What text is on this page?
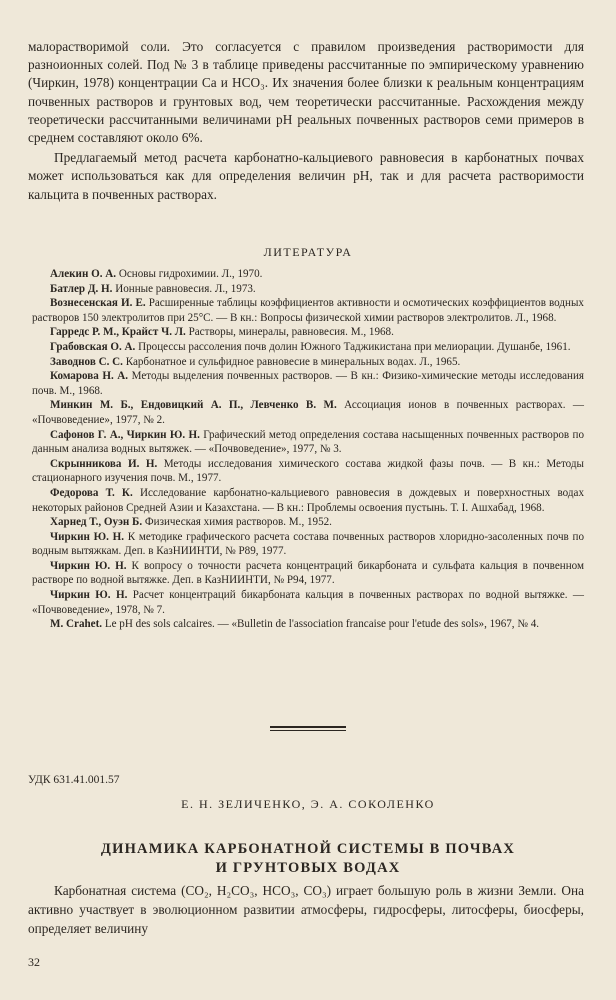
малорастворимой соли. Это согласуется с правилом произведения растворимости для разноионных солей. Под № 3 в таблице приведены рассчитанные по эмпирическому уравнению (Чиркин, 1978) концентрации Ca и HCO₃. Их значения более близки к реальным концентрациям почвенных растворов и грунтовых вод, чем теоретически рассчитанные. Расхождения между теоретически рассчитанными величинами pH реальных почвенных растворов семи примеров в среднем составляют около 6%.

Предлагаемый метод расчета карбонатно-кальциевого равновесия в карбонатных почвах может использоваться как для определения величин pH, так и для расчета растворимости кальцита в почвенных растворах.

ЛИТЕРАТУРА

Алекин О. А. Основы гидрохимии. Л., 1970.

Батлер Д. Н. Ионные равновесия. Л., 1973.

Вознесенская И. Е. Расширенные таблицы коэффициентов активности и осмотических коэффициентов водных растворов 150 электролитов при 25°С. — В кн.: Вопросы физической химии растворов электролитов. Л., 1968.

Гарредс Р. М., Крайст Ч. Л. Растворы, минералы, равновесия. М., 1968.

Грабовская О. А. Процессы рассоления почв долин Южного Таджикистана при мелиорации. Душанбе, 1961.

Заводнов С. С. Карбонатное и сульфидное равновесие в минеральных водах. Л., 1965.

Комарова Н. А. Методы выделения почвенных растворов. — В кн.: Физико-химические методы исследования почв. М., 1968.

Минкин М. Б., Ендовицкий А. П., Левченко В. М. Ассоциация ионов в почвенных растворах. — «Почвоведение», 1977, № 2.

Сафонов Г. А., Чиркин Ю. Н. Графический метод определения состава насыщенных почвенных растворов по данным анализа водных вытяжек. — «Почвоведение», 1977, № 3.

Скрынникова И. Н. Методы исследования химического состава жидкой фазы почв. — В кн.: Методы стационарного изучения почв. М., 1977.

Федорова Т. К. Исследование карбонатно-кальциевого равновесия в дождевых и поверхностных водах некоторых районов Средней Азии и Казахстана. — В кн.: Проблемы освоения пустынь. Т. I. Ашхабад, 1968.

Харнед Т., Оуэн Б. Физическая химия растворов. М., 1952.

Чиркин Ю. Н. К методике графического расчета состава почвенных растворов хлоридно-засоленных почв по водным вытяжкам. Деп. в КазНИИНТИ, № Р89, 1977.

Чиркин Ю. Н. К вопросу о точности расчета концентраций бикарбоната и сульфата кальция в почвенном растворе по водной вытяжке. Деп. в КазНИИНТИ, № Р94, 1977.

Чиркин Ю. Н. Расчет концентраций бикарбоната кальция в почвенных растворах по водной вытяжке. — «Почвоведение», 1978, № 7.

M. Crahet. Le pH des sols calcaires. — «Bulletin de l'association francaise pour l'etude des sols», 1967, № 4.

УДК 631.41.001.57
Е. Н. ЗЕЛИЧЕНКО, Э. А. СОКОЛЕНКО
ДИНАМИКА КАРБОНАТНОЙ СИСТЕМЫ В ПОЧВАХ
И ГРУНТОВЫХ ВОДАХ

Карбонатная система (CO₂, H₂CO₃, HCO₃, CO₃) играет большую роль в жизни Земли. Она активно участвует в эволюционном развитии атмосферы, гидросферы, литосферы, биосферы, определяет величину

32
